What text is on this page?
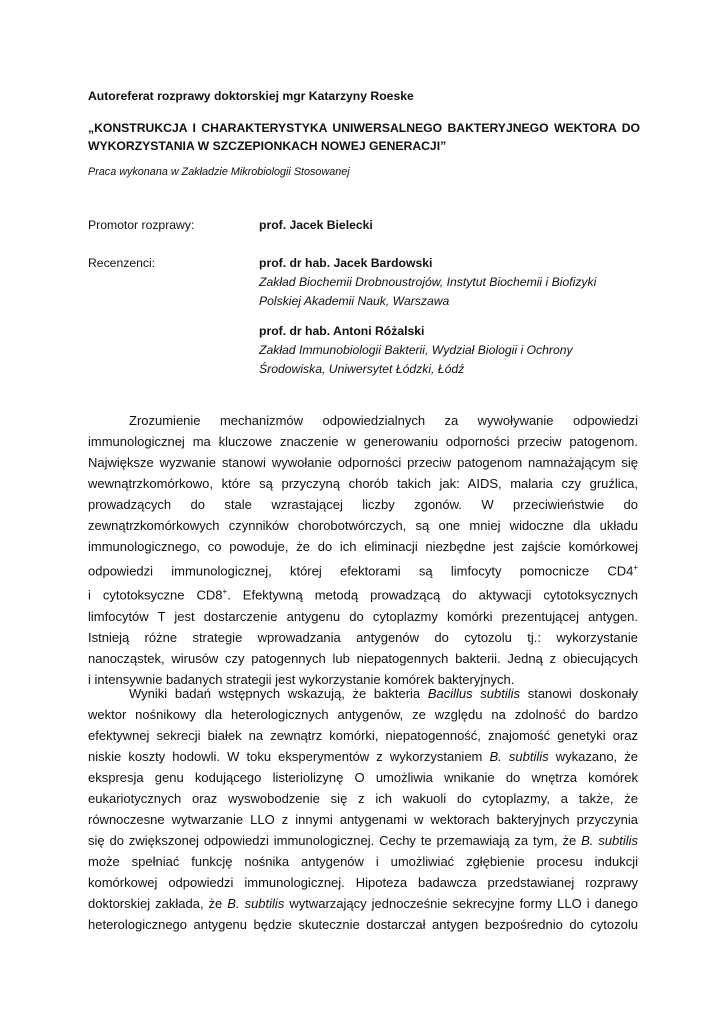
Autoreferat rozprawy doktorskiej mgr Katarzyny Roeske
„KONSTRUKCJA I CHARAKTERYSTYKA UNIWERSALNEGO BAKTERYJNEGO WEKTORA DO WYKORZYSTANIA W SZCZEPIONKACH NOWEJ GENERACJI”
Praca wykonana w Zakładzie Mikrobiologii Stosowanej
Promotor rozprawy:	prof. Jacek Bielecki
Recenzenci:	prof. dr hab. Jacek Bardowski
Zakład Biochemii Drobnoustrojów, Instytut Biochemii i Biofizyki
Polskiej Akademii Nauk, Warszawa
prof. dr hab. Antoni Różalski
Zakład Immunobiologii Bakterii, Wydział Biologii i Ochrony
Środowiska, Uniwersytet Łódzki, Łódź
Zrozumienie mechanizmów odpowiedzialnych za wywoływanie odpowiedzi
immunologicznej ma kluczowe znaczenie w generowaniu odporności przeciw patogenom.
Największe wyzwanie stanowi wywołanie odporności przeciw patogenom namnażającym się
wewnątrzkomórkowo, które są przyczyną chorób takich jak: AIDS, malaria czy gruźlica,
prowadzących do stale wzrastającej liczby zgonów. W przeciwieństwie do
zewnątrzkomórkowych czynników chorobotwórczych, są one mniej widoczne dla układu
immunologicznego, co powoduje, że do ich eliminacji niezbędne jest zajście komórkowej
odpowiedzi immunologicznej, której efektorami są limfocyty pomocnicze CD4+
i cytotoksyczne CD8+. Efektywną metodą prowadzącą do aktywacji cytotoksycznych
limfocytów T jest dostarczenie antygenu do cytoplazmy komórki prezentującej antygen.
Istnieją różne strategie wprowadzania antygenów do cytozolu tj.: wykorzystanie
nanocząstek, wirusów czy patogennych lub niepatogennych bakterii. Jedną z obiecujących
i intensywnie badanych strategii jest wykorzystanie komórek bakteryjnych.
Wyniki badań wstępnych wskazują, że bakteria Bacillus subtilis stanowi doskonały
wektor nośnikowy dla heterologicznych antygenów, ze względu na zdolność do bardzo
efektywnej sekrecji białek na zewnątrz komórki, niepatogenność, znajomość genetyki oraz
niskie koszty hodowli. W toku eksperymentów z wykorzystaniem B. subtilis wykazano, że
ekspresja genu kodującego listeriolizynę O umożliwia wnikanie do wnętrza komórek
eukariotycznych oraz wyswobodzenie się z ich wakuoli do cytoplazmy, a także, że
równoczesne wytwarzanie LLO z innymi antygenami w wektorach bakteryjnych przyczynia
się do zwiększonej odpowiedzi immunologicznej. Cechy te przemawiają za tym, że B. subtilis
może spełniać funkcję nośnika antygenów i umożliwiać zgłębienie procesu indukcji
komórkowej odpowiedzi immunologicznej. Hipoteza badawcza przedstawianej rozprawy
doktorskiej zakłada, że B. subtilis wytwarzający jednocześnie sekrecyjne formy LLO i danego
heterologicznego antygenu będzie skutecznie dostarczał antygen bezpośrednio do cytozolu
